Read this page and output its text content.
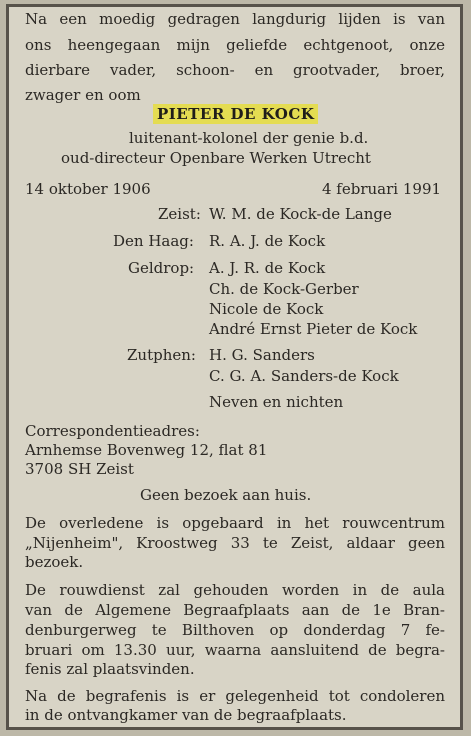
Na een moedig gedragen langdurig lijden is van
ons heengegaan mijn geliefde echtgenoot, onze
dierbare vader, schoon- en grootvader, broer,
zwager en oom
PIETER DE KOCK
luitenant-kolonel der genie b.d.
oud-directeur Openbare Werken Utrecht
14 oktober 1906	4 februari 1991
Zeist: W. M. de Kock-de Lange
Den Haag: R. A. J. de Kock
Geldrop: A. J. R. de Kock
Ch. de Kock-Gerber
Nicole de Kock
André Ernst Pieter de Kock
Zutphen: H. G. Sanders
C. G. A. Sanders-de Kock
Neven en nichten
Correspondentieadres:
Arnhemse Bovenweg 12, flat 81
3708 SH Zeist
Geen bezoek aan huis.
De overledene is opgebaard in het rouwcentrum
„Nijenheim", Kroostweg 33 te Zeist, aldaar geen
bezoek.
De rouwdienst zal gehouden worden in de aula
van de Algemene Begraafplaats aan de 1e Bran-
denburgerweg te Bilthoven op donderdag 7 fe-
bruari om 13.30 uur, waarna aansluitend de begra-
fenis zal plaatsvinden.
Na de begrafenis is er gelegenheid tot condoleren
in de ontvangkamer van de begraafplaats.
